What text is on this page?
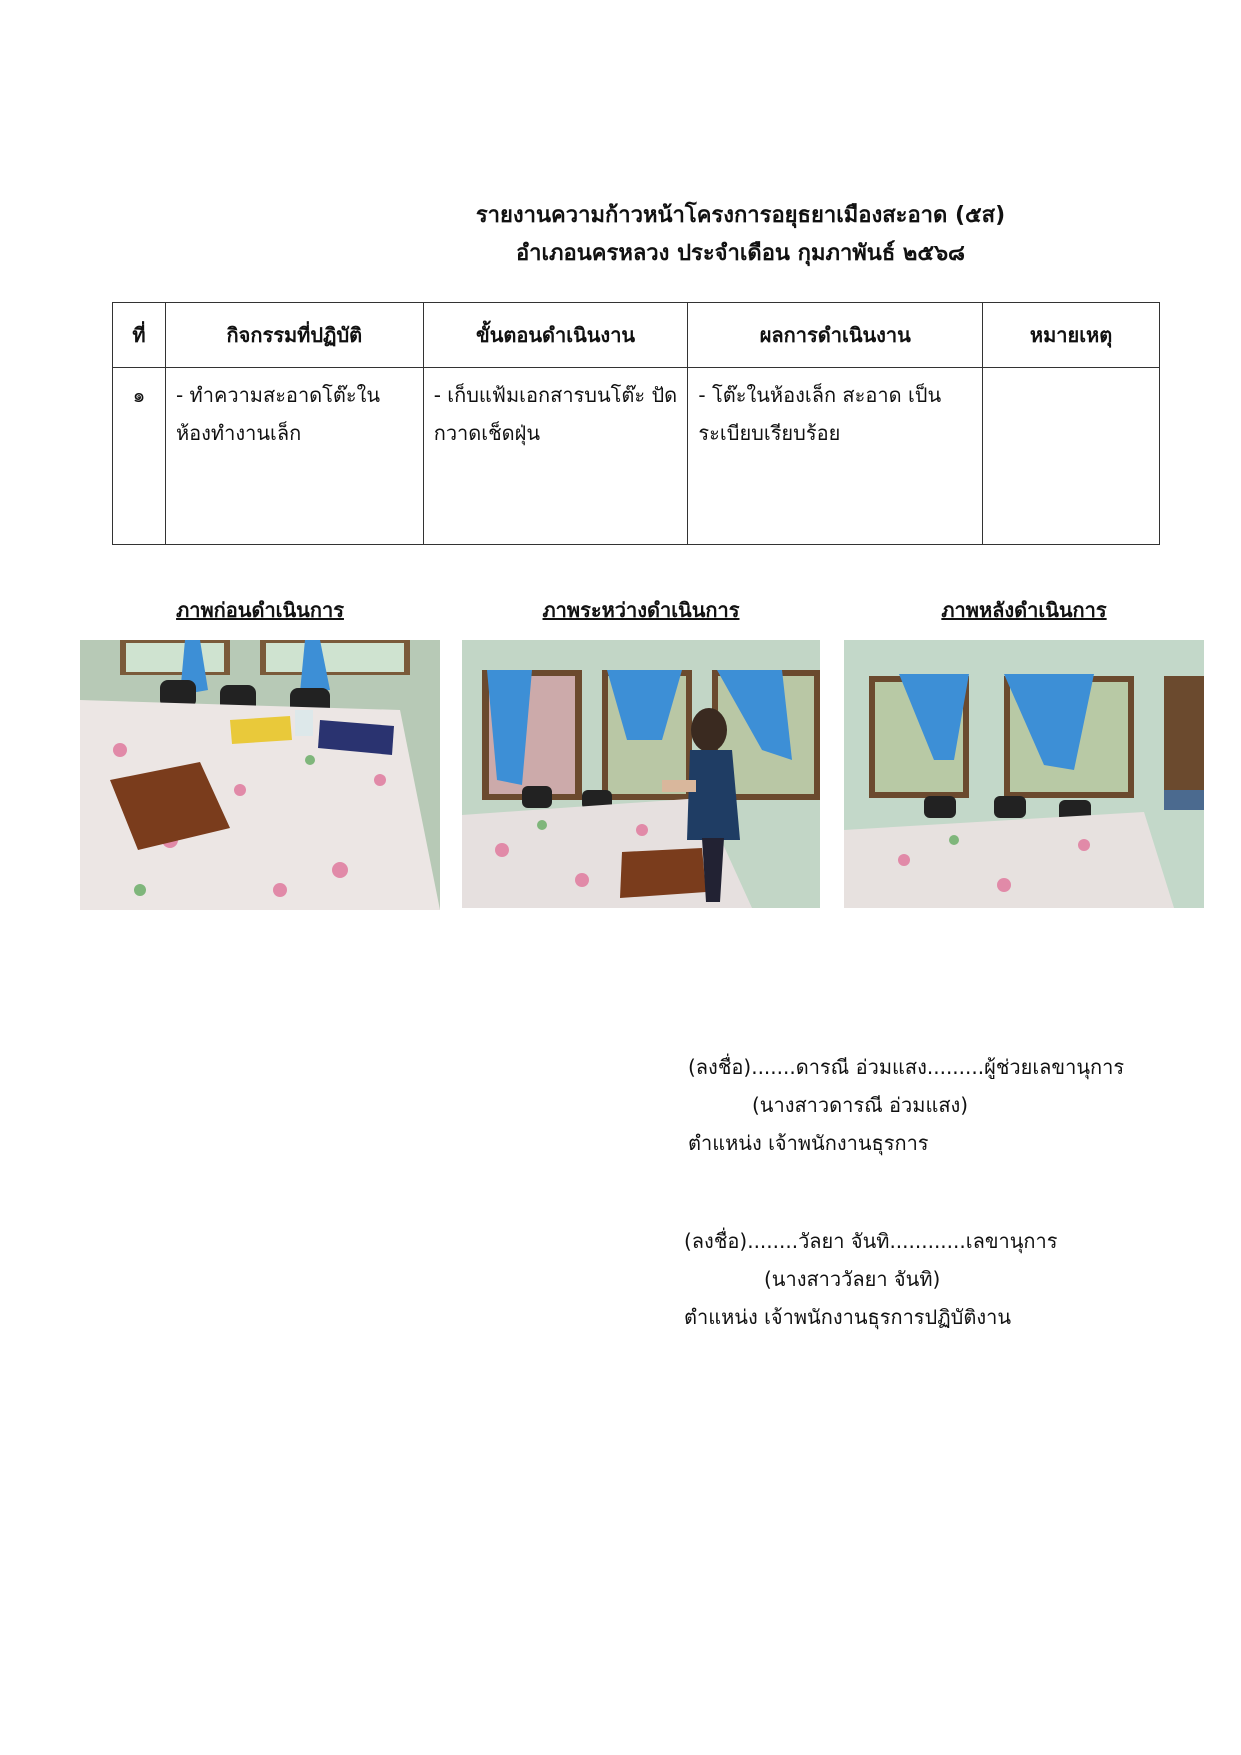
รายงานความก้าวหน้าโครงการอยุธยาเมืองสะอาด (๕ส)
อำเภอนครหลวง ประจำเดือน กุมภาพันธ์ ๒๕๖๘
ที่	กิจกรรมที่ปฏิบัติ	ขั้นตอนดำเนินงาน	ผลการดำเนินงาน	หมายเหตุ
๑	- ทำความสะอาดโต๊ะในห้องทำงานเล็ก	- เก็บแฟ้มเอกสารบนโต๊ะ ปัดกวาดเช็ดฝุ่น	- โต๊ะในห้องเล็ก สะอาด เป็นระเบียบเรียบร้อย	
ภาพก่อนดำเนินการ	ภาพระหว่างดำเนินการ	ภาพหลังดำเนินการ
(ลงชื่อ).......ดารณี อ่วมแสง.........ผู้ช่วยเลขานุการ
(นางสาวดารณี อ่วมแสง)
ตำแหน่ง เจ้าพนักงานธุรการ
(ลงชื่อ)........วัลยา จันทิ............เลขานุการ
(นางสาววัลยา จันทิ)
ตำแหน่ง เจ้าพนักงานธุรการปฏิบัติงาน
